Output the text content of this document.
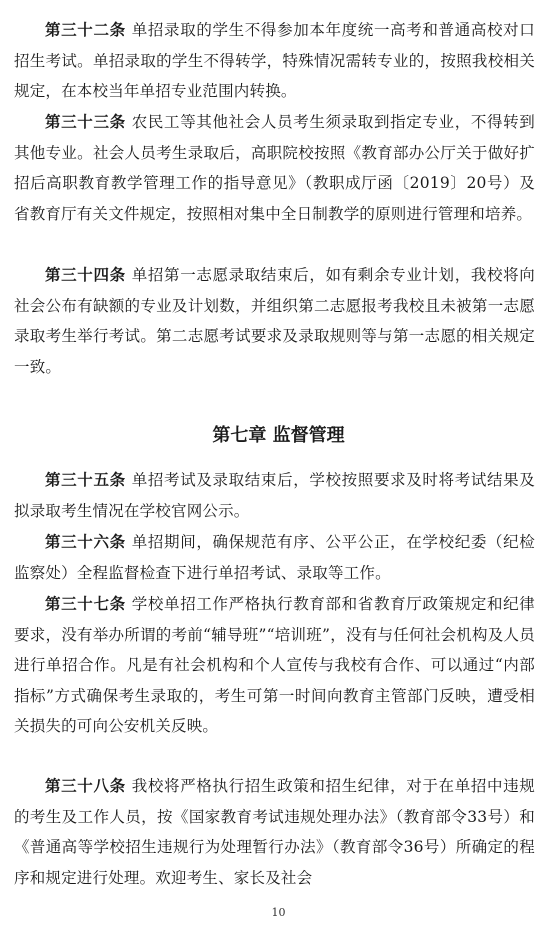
第三十二条 单招录取的学生不得参加本年度统一高考和普通高校对口招生考试。单招录取的学生不得转学，特殊情况需转专业的，按照我校相关规定，在本校当年单招专业范围内转换。

第三十三条 农民工等其他社会人员考生须录取到指定专业，不得转到其他专业。社会人员考生录取后，高职院校按照《教育部办公厅关于做好扩招后高职教育教学管理工作的指导意见》（教职成厅函〔2019〕20号）及省教育厅有关文件规定，按照相对集中全日制教学的原则进行管理和培养。

第三十四条 单招第一志愿录取结束后，如有剩余专业计划，我校将向社会公布有缺额的专业及计划数，并组织第二志愿报考我校且未被第一志愿录取考生举行考试。第二志愿考试要求及录取规则等与第一志愿的相关规定一致。

第七章 监督管理

第三十五条 单招考试及录取结束后，学校按照要求及时将考试结果及拟录取考生情况在学校官网公示。

第三十六条 单招期间，确保规范有序、公平公正，在学校纪委（纪检监察处）全程监督检查下进行单招考试、录取等工作。

第三十七条 学校单招工作严格执行教育部和省教育厅政策规定和纪律要求，没有举办所谓的考前“辅导班”“培训班”，没有与任何社会机构及人员进行单招合作。凡是有社会机构和个人宣传与我校有合作、可以通过“内部指标”方式确保考生录取的，考生可第一时间向教育主管部门反映，遭受相关损失的可向公安机关反映。

第三十八条 我校将严格执行招生政策和招生纪律，对于在单招中违规的考生及工作人员，按《国家教育考试违规处理办法》（教育部令33号）和《普通高等学校招生违规行为处理暂行办法》（教育部令36号）所确定的程序和规定进行处理。欢迎考生、家长及社会

10
